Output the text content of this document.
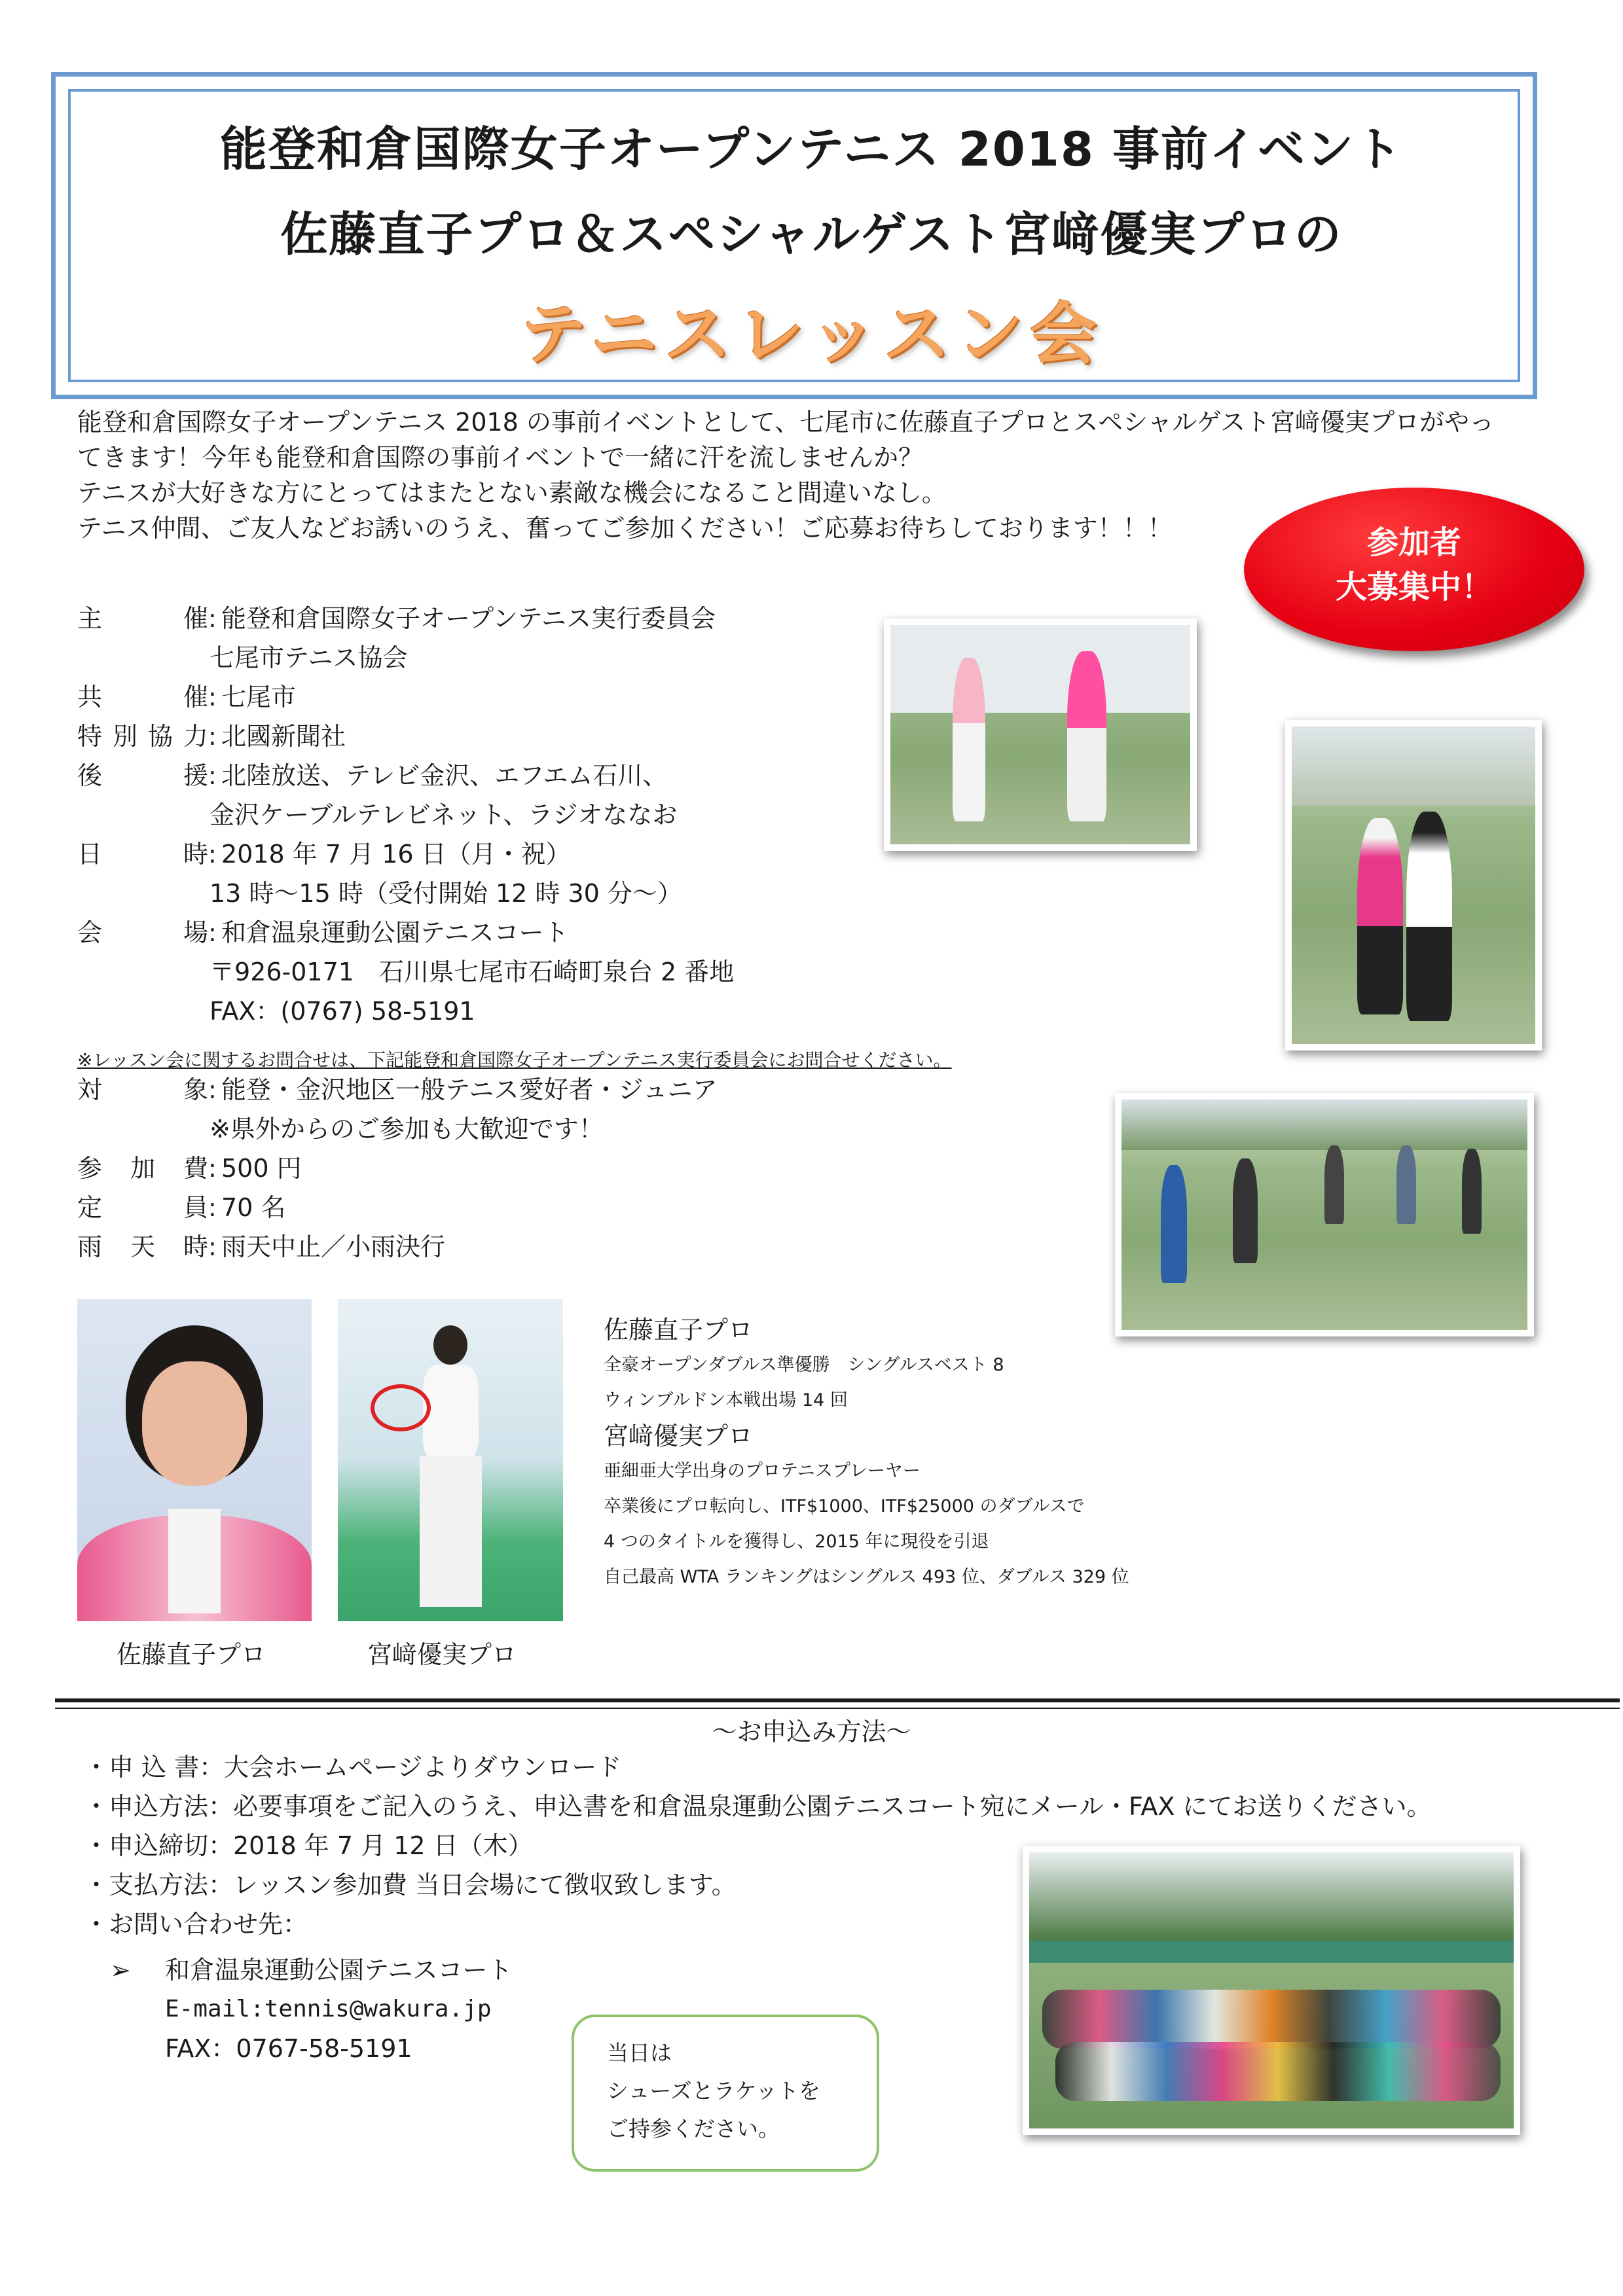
能登和倉国際女子オープンテニス 2018 事前イベント
佐藤直子プロ＆スペシャルゲスト宮﨑優実プロの
テニスレッスン会
能登和倉国際女子オープンテニス 2018 の事前イベントとして、七尾市に佐藤直子プロとスペシャルゲスト宮﨑優実プロがやっ
てきます！今年も能登和倉国際の事前イベントで一緒に汗を流しませんか？
テニスが大好きな方にとってはまたとない素敵な機会になること間違いなし。
テニス仲間、ご友人などお誘いのうえ、奮ってご参加ください！ご応募お待ちしております！！！	参加者
大募集中！
主　催: 能登和倉国際女子オープンテニス実行委員会
七尾市テニス協会
共　催: 七尾市
特別協力: 北國新聞社
後　援: 北陸放送、テレビ金沢、エフエム石川、
金沢ケーブルテレビネット、ラジオななお
日　時: 2018 年 7 月 16 日（月・祝）
13 時～15 時（受付開始 12 時 30 分～）
会　場: 和倉温泉運動公園テニスコート
〒926-0171　石川県七尾市石崎町泉台 2 番地
FAX：(0767) 58-5191
※レッスン会に関するお問合せは、下記能登和倉国際女子オープンテニス実行委員会にお問合せください。
対　象: 能登・金沢地区一般テニス愛好者・ジュニア
※県外からのご参加も大歓迎です！
参加費: 500 円
定　員: 70 名
雨天時: 雨天中止／小雨決行
佐藤直子プロ	宮﨑優実プロ
佐藤直子プロ
全豪オープンダブルス準優勝　シングルスベスト 8
ウィンブルドン本戦出場 14 回
宮﨑優実プロ
亜細亜大学出身のプロテニスプレーヤー
卒業後にプロ転向し、ITF$1000、ITF$25000 のダブルスで
4 つのタイトルを獲得し、2015 年に現役を引退
自己最高 WTA ランキングはシングルス 493 位、ダブルス 329 位
～お申込み方法～
・申 込 書：大会ホームページよりダウンロード
・申込方法：必要事項をご記入のうえ、申込書を和倉温泉運動公園テニスコート宛にメール・FAX にてお送りください。
・申込締切：2018 年 7 月 12 日（木）
・支払方法：レッスン参加費 当日会場にて徴収致します。
・お問い合わせ先：
➢ 和倉温泉運動公園テニスコート
E-mail:tennis@wakura.jp
FAX：0767-58-5191	当日は
シューズとラケットを
ご持参ください。
